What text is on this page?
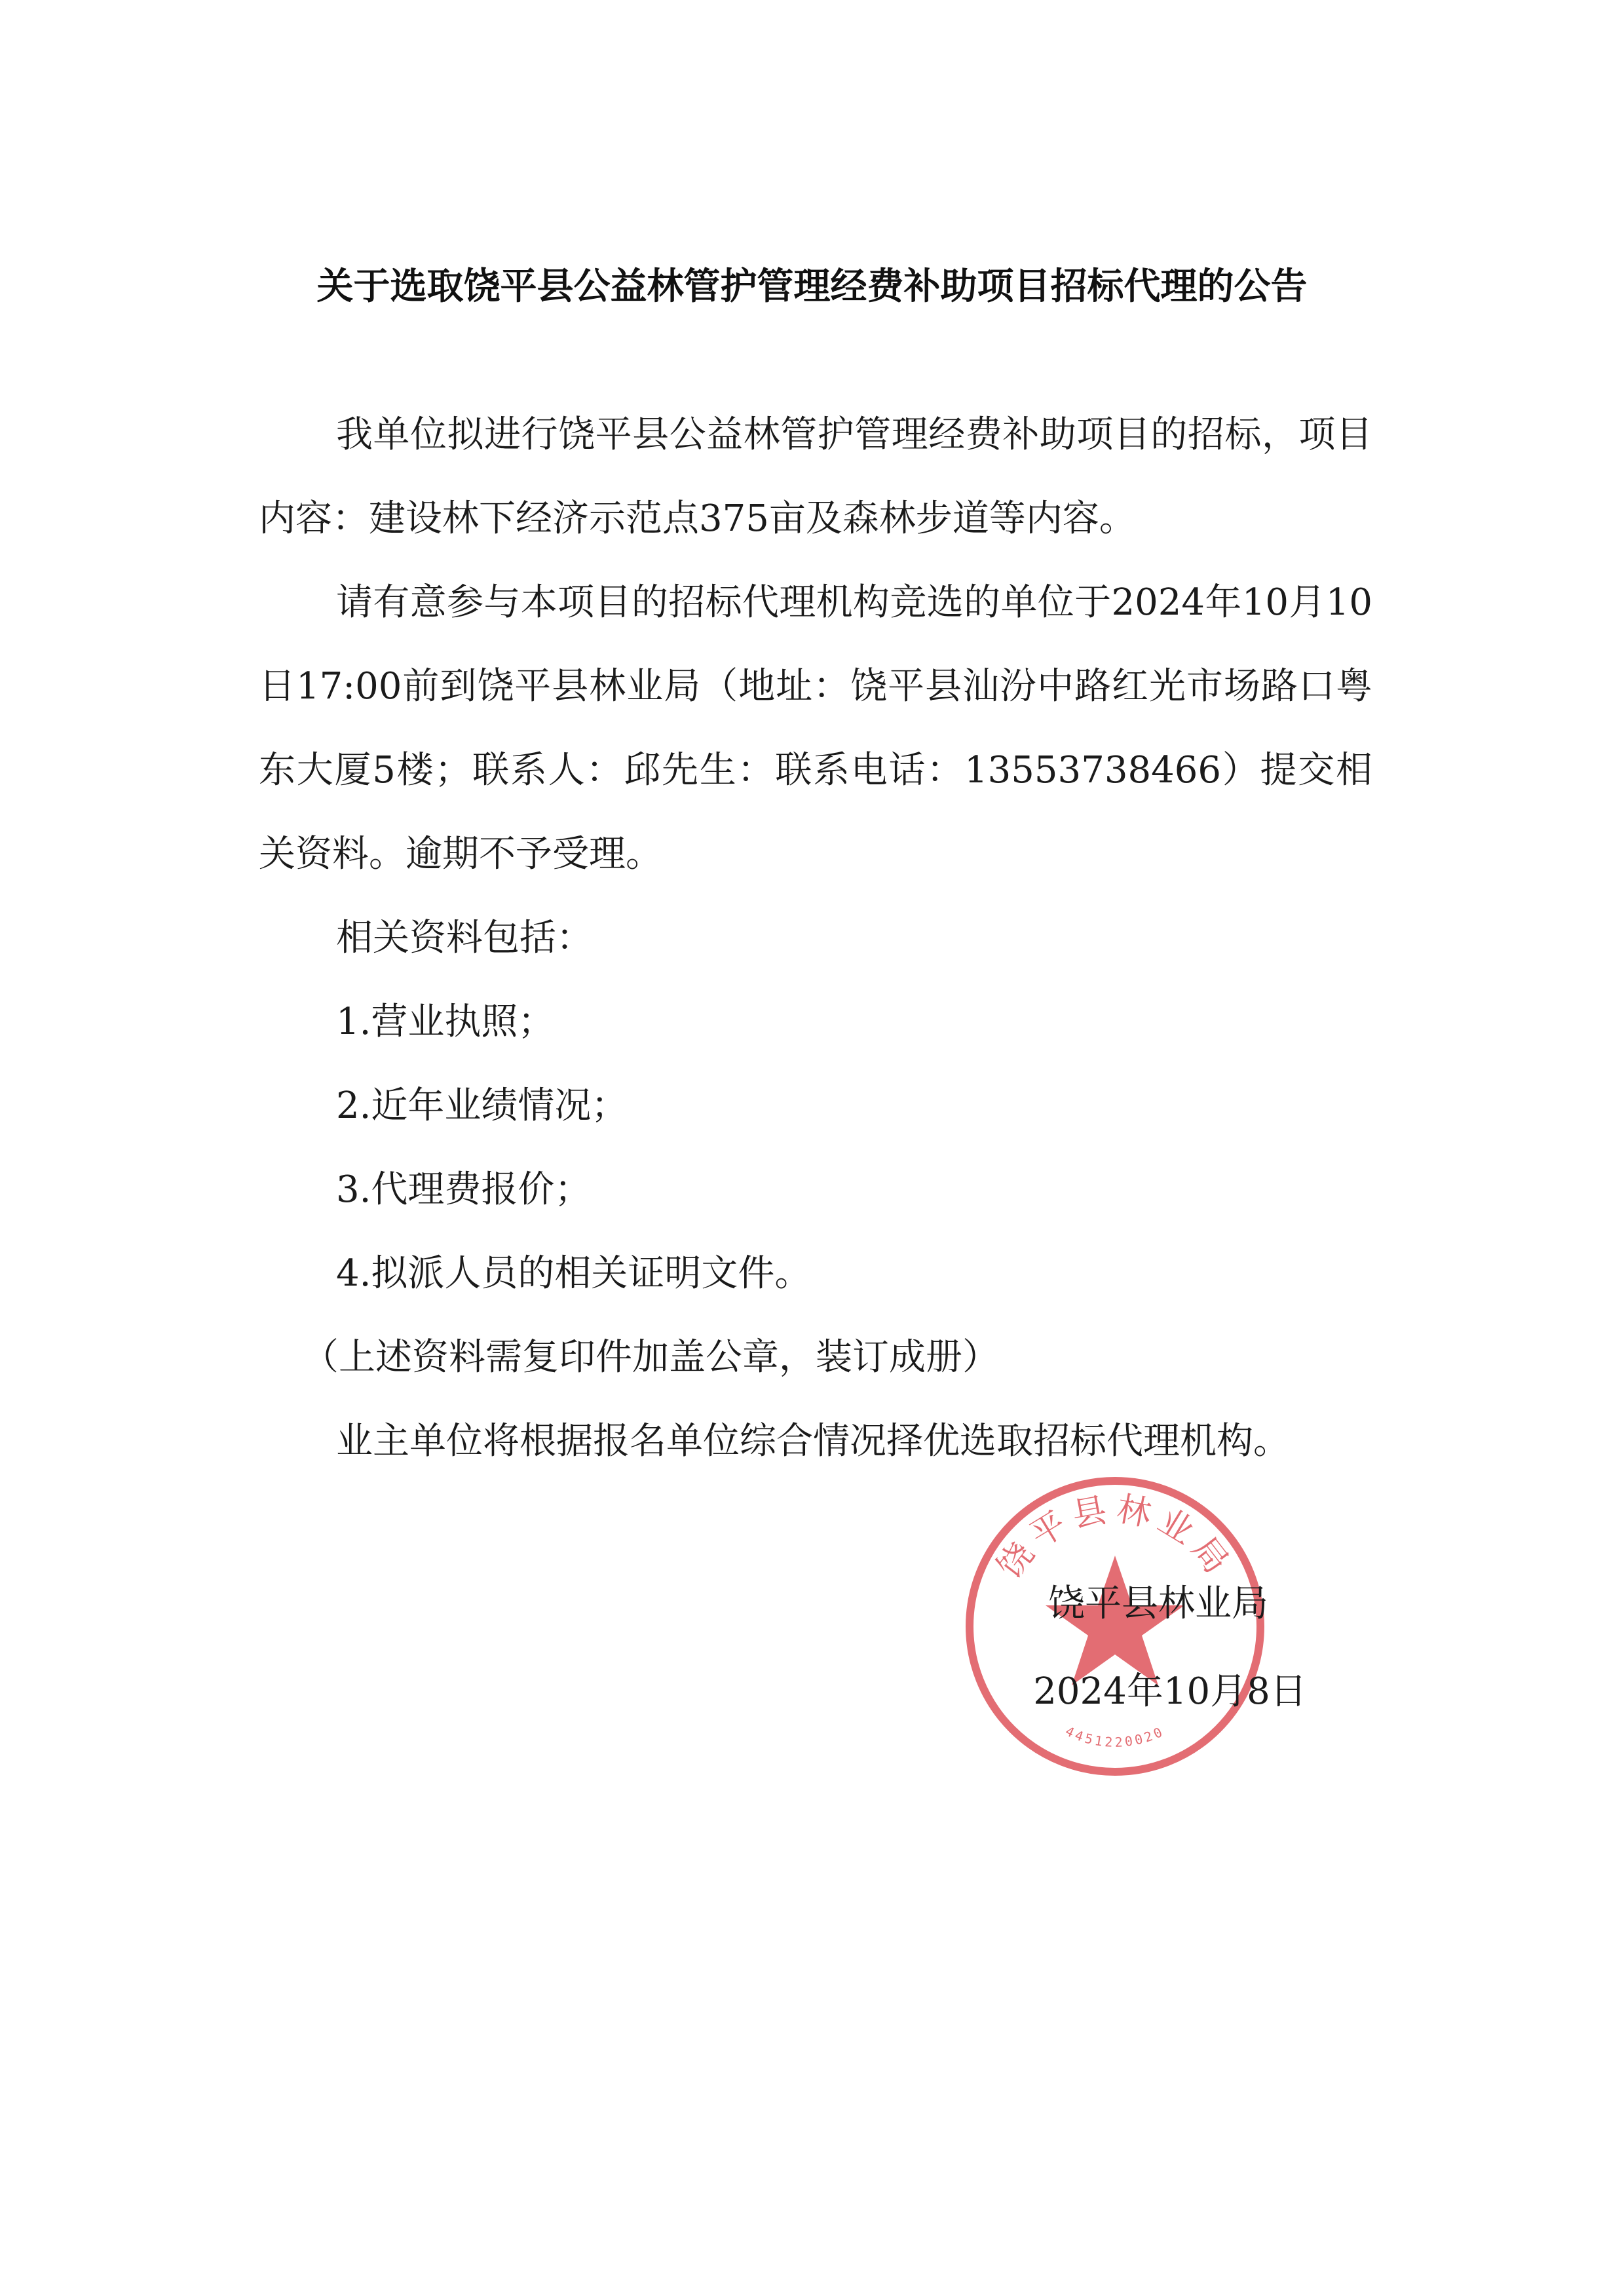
关于选取饶平县公益林管护管理经费补助项目招标代理的公告

我单位拟进行饶平县公益林管护管理经费补助项目的招标，项目内容：建设林下经济示范点375亩及森林步道等内容。

请有意参与本项目的招标代理机构竞选的单位于2024年10月10日17:00前到饶平县林业局（地址：饶平县汕汾中路红光市场路口粤东大厦5楼；联系人：邱先生：联系电话：13553738466）提交相关资料。逾期不予受理。

相关资料包括：

1.营业执照；

2.近年业绩情况；

3.代理费报价；

4.拟派人员的相关证明文件。

（上述资料需复印件加盖公章，装订成册）

业主单位将根据报名单位综合情况择优选取招标代理机构。

饶平县林业局
4451220020
饶平县林业局
2024年10月8日
